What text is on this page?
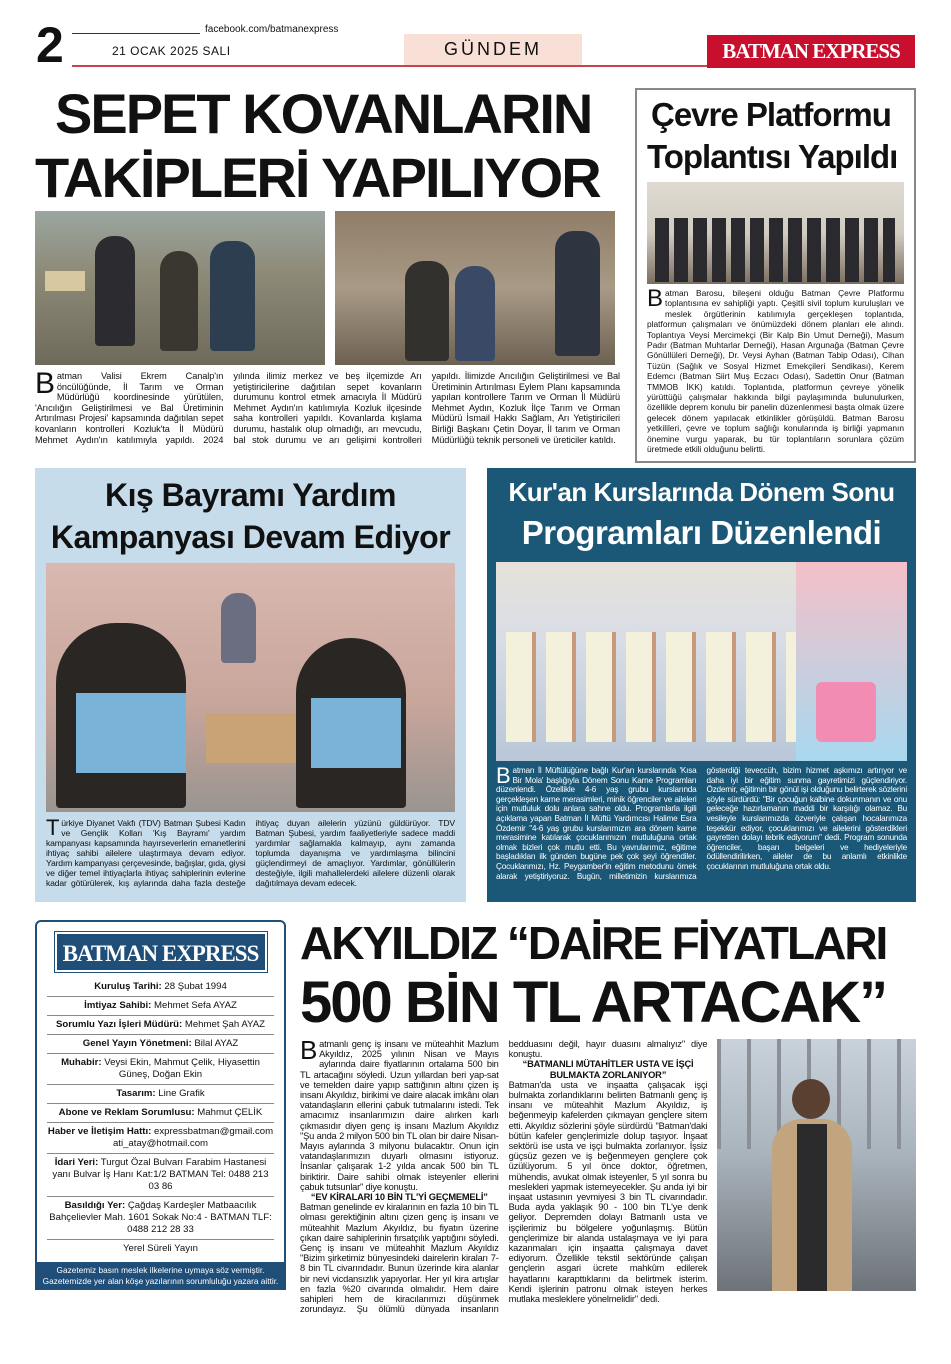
2	facebook.com/batmanexpress
21 OCAK 2025 SALI	GÜNDEM	BATMAN EXPRESS
SEPET KOVANLARIN
TAKİPLERİ YAPILIYOR
Batman Valisi Ekrem Canalp'ın öncülüğünde, İl Tarım ve Orman Müdürlüğü koordinesinde yürütülen, 'Arıcılığın Geliştirilmesi ve Bal Üretiminin Artırılması Projesi' kapsamında dağıtılan sepet kovanların kontrolleri Kozluk'ta İl Müdürü Mehmet Aydın'ın katılımıyla yapıldı. 2024 yılında ilimiz merkez ve beş ilçemizde Arı yetiştiricilerine dağıtılan sepet kovanların durumunu kontrol etmek amacıyla İl Müdürü Mehmet Aydın'ın katılımıyla Kozluk ilçesinde saha kontrolleri yapıldı. Kovanlarda kışlama durumu, hastalık olup olmadığı, arı mevcudu, bal stok durumu ve arı gelişimi kontrolleri yapıldı. İlimizde Arıcılığın Geliştirilmesi ve Bal Üretiminin Artırılması Eylem Planı kapsamında yapılan kontrollere Tarım ve Orman İl Müdürü Mehmet Aydın, Kozluk İlçe Tarım ve Orman Müdürü İsmail Hakkı Sağlam, Arı Yetiştiricileri Birliği Başkanı Çetin Doyar, İl tarım ve Orman Müdürlüğü teknik personeli ve üreticiler katıldı.
Çevre Platformu
Toplantısı Yapıldı
Batman Barosu, bileşeni olduğu Batman Çevre Platformu toplantısına ev sahipliği yaptı. Çeşitli sivil toplum kuruluşları ve meslek örgütlerinin katılımıyla gerçekleşen toplantıda, platformun çalışmaları ve önümüzdeki dönem planları ele alındı. Toplantıya Veysi Mercimekçi (Bir Kalp Bin Umut Derneği), Masum Padır (Batman Muhtarlar Derneği), Hasan Argunağa (Batman Çevre Gönüllüleri Derneği), Dr. Veysi Ayhan (Batman Tabip Odası), Cihan Tüzün (Sağlık ve Sosyal Hizmet Emekçileri Sendikası), Kerem Edemcı (Batman Siirt Muş Eczacı Odası), Sadettin Onur (Batman TMMOB İKK) katıldı. Toplantıda, platformun çevreye yönelik yürüttüğü çalışmalar hakkında bilgi paylaşımında bulunulurken, özellikle deprem konulu bir panelin düzenlenmesi başta olmak üzere gelecek dönem yapılacak etkinlikler görüşüldü. Batman Barosu yetkilileri, çevre ve toplum sağlığı konularında iş birliği yapmanın önemine vurgu yaparak, bu tür toplantıların sorunlara çözüm üretmede etkili olduğunu belirtti.
Kış Bayramı Yardım
Kampanyası Devam Ediyor
Türkiye Diyanet Vakfı (TDV) Batman Şubesi Kadın ve Gençlik Kolları 'Kış Bayramı' yardım kampanyası kapsamında hayırseverlerin emanetlerini ihtiyaç sahibi ailelere ulaştırmaya devam ediyor. Yardım kampanyası çerçevesinde, bağışlar, gıda, giysi ve diğer temel ihtiyaçlarla ihtiyaç sahiplerinin evlerine kadar götürülerek, kış aylarında daha fazla desteğe ihtiyaç duyan ailelerin yüzünü güldürüyor. TDV Batman Şubesi, yardım faaliyetleriyle sadece maddi yardımlar sağlamakla kalmayıp, aynı zamanda toplumda dayanışma ve yardımlaşma bilincini güçlendirmeyi de amaçlıyor. Yardımlar, gönüllülerin desteğiyle, ilgili mahallelerdeki ailelere düzenli olarak dağıtılmaya devam edecek.
Kur'an Kurslarında Dönem Sonu
Programları Düzenlendi
Batman İl Müftülüğüne bağlı Kur'an kurslarında 'Kısa Bir Mola' başlığıyla Dönem Sonu Karne Programları düzenlendi. Özellikle 4-6 yaş grubu kurslarında gerçekleşen karne merasimleri, minik öğrenciler ve aileleri için mutluluk dolu anlara sahne oldu. Programlarla ilgili açıklama yapan Batman İl Müftü Yardımcısı Halime Esra Özdemir "4-6 yaş grubu kurslarımızın ara dönem karne merasimine katılarak çocuklarımızın mutluluğuna ortak olmak bizleri çok mutlu etti. Bu yavrularımız, eğitime başladıkları ilk günden bugüne pek çok şeyi öğrendiler. Çocuklarımızı, Hz. Peygamber'in eğitim metodunu örnek alarak yetiştiriyoruz. Bugün, milletimizin kurslarımıza gösterdiği teveccüh, bizim hizmet aşkımızı artırıyor ve daha iyi bir eğitim sunma gayretimizi güçlendiriyor. Özdemir, eğitimin bir gönül işi olduğunu belirterek sözlerini şöyle sürdürdü: "Bir çocuğun kalbine dokunmanın ve onu geleceğe hazırlamanın maddi bir karşılığı olamaz. Bu vesileyle kurslarımızda özveriyle çalışan hocalarımıza teşekkür ediyor, çocuklarımızı ve ailelerini gösterdikleri gayretten dolayı tebrik ediyorum" dedi. Program sonunda öğrenciler, başarı belgeleri ve hediyeleriyle ödüllendirilirken, aileler de bu anlamlı etkinlikte çocuklarının mutluluğuna ortak oldu.
BATMAN EXPRESS
Kuruluş Tarihi: 28 Şubat 1994
İmtiyaz Sahibi: Mehmet Sefa AYAZ
Sorumlu Yazı İşleri Müdürü: Mehmet Şah AYAZ
Genel Yayın Yönetmeni: Bilal AYAZ
Muhabir: Veysi Ekin, Mahmut Çelik, Hiyasettin Güneş, Doğan Ekin
Tasarım: Line Grafik
Abone ve Reklam Sorumlusu: Mahmut ÇELİK
Haber ve İletişim Hattı: expressbatman@gmail.com ati_atay@hotmail.com
İdari Yeri: Turgut Özal Bulvarı Farabim Hastanesi yanı Bulvar İş Hanı Kat:1/2 BATMAN Tel: 0488 213 03 86
Basıldığı Yer: Çağdaş Kardeşler Matbaacılık Bahçelievler Mah. 1601 Sokak No:4 - BATMAN TLF: 0488 212 28 33
Yerel Süreli Yayın
Gazetemiz basın meslek ilkelerine uymaya söz vermiştir.
Gazetemizde yer alan köşe yazılarının sorumluluğu yazara aittir.
AKYILDIZ “DAİRE FİYATLARI
500 BİN TL ARTACAK”
Batmanlı genç iş insanı ve müteahhit Mazlum Akyıldız, 2025 yılının Nisan ve Mayıs aylarında daire fiyatlarının ortalama 500 bin TL artacağını söyledi. Uzun yıllardan beri yap-sat ve temelden daire yapıp sattığının altını çizen iş insanı Akyıldız, birikimi ve daire alacak imkânı olan vatandaşların ellerini çabuk tutmalarını istedi. Tek amacımız insanlarımızın daire alırken karlı çıkmasıdır diyen genç iş insanı Mazlum Akyıldız "Şu anda 2 milyon 500 bin TL olan bir daire Nisan-Mayıs aylarında 3 milyonu bulacaktır. Onun için vatandaşlarımızın duyarlı olmasını istiyoruz. İnsanlar çalışarak 1-2 yılda ancak 500 bin TL biriktirir. Daire sahibi olmak isteyenler ellerini çabuk tutsunlar" diye konuştu.
“EV KİRALARI 10 BİN TL'Yİ GEÇMEMELİ”
Batman genelinde ev kiralarının en fazla 10 bin TL olması gerektiğinin altını çizen genç iş insanı ve müteahhit Mazlum Akyıldız, bu fiyatın üzerine çıkan daire sahiplerinin fırsatçılık yaptığını söyledi. Genç iş insanı ve müteahhit Mazlum Akyıldız "Bizim şirketimiz bünyesindeki dairelerin kiraları 7-8 bin TL civarındadır. Bunun üzerinde kira alanlar bir nevi vicdansızlık yapıyorlar. Her yıl kira artışlar en fazla %20 civarında olmalıdır. Hem daire sahipleri hem de kiracılarımızı düşünmek zorundayız. Şu ölümlü dünyada insanların bedduasını değil, hayır duasını almalıyız" diye konuştu.
“BATMANLI MÜTAHİTLER USTA VE İŞÇİ BULMAKTA ZORLANIYOR”
Batman'da usta ve inşaatta çalışacak işçi bulmakta zorlandıklarını belirten Batmanlı genç iş insanı ve müteahhit Mazlum Akyıldız, iş beğenmeyip kafelerden çıkmayan gençlere sitem etti. Akyıldız sözlerini şöyle sürdürdü "Batman'daki bütün kafeler gençlerimizle dolup taşıyor. İnşaat sektörü ise usta ve işçi bulmakta zorlanıyor. İşsiz güçsüz gezen ve iş beğenmeyen gençlere çok üzülüyorum. 5 yıl önce doktor, öğretmen, mühendis, avukat olmak isteyenler, 5 yıl sonra bu meslekleri yapmak istemeyecekler. Şu anda iyi bir inşaat ustasının yevmiyesi 3 bin TL civarındadır. Buda ayda yaklaşık 90 - 100 bin TL'ye denk geliyor. Depremden dolayı Batmanlı usta ve işçilerimiz bu bölgelere yoğunlaşmış. Bütün gençlerimize bir alanda ustalaşmaya ve iyi para kazanmaları için inşaatta çalışmaya davet ediyorum. Özellikle tekstil sektöründe çalışan gençlerin asgari ücrete mahkûm edilerek hayatlarını karарttıklarını da belirtmek isterim. Kendi işlerinin patronu olmak isteyen herkes mutlaka mesleklere yönelmelidir" dedi.
